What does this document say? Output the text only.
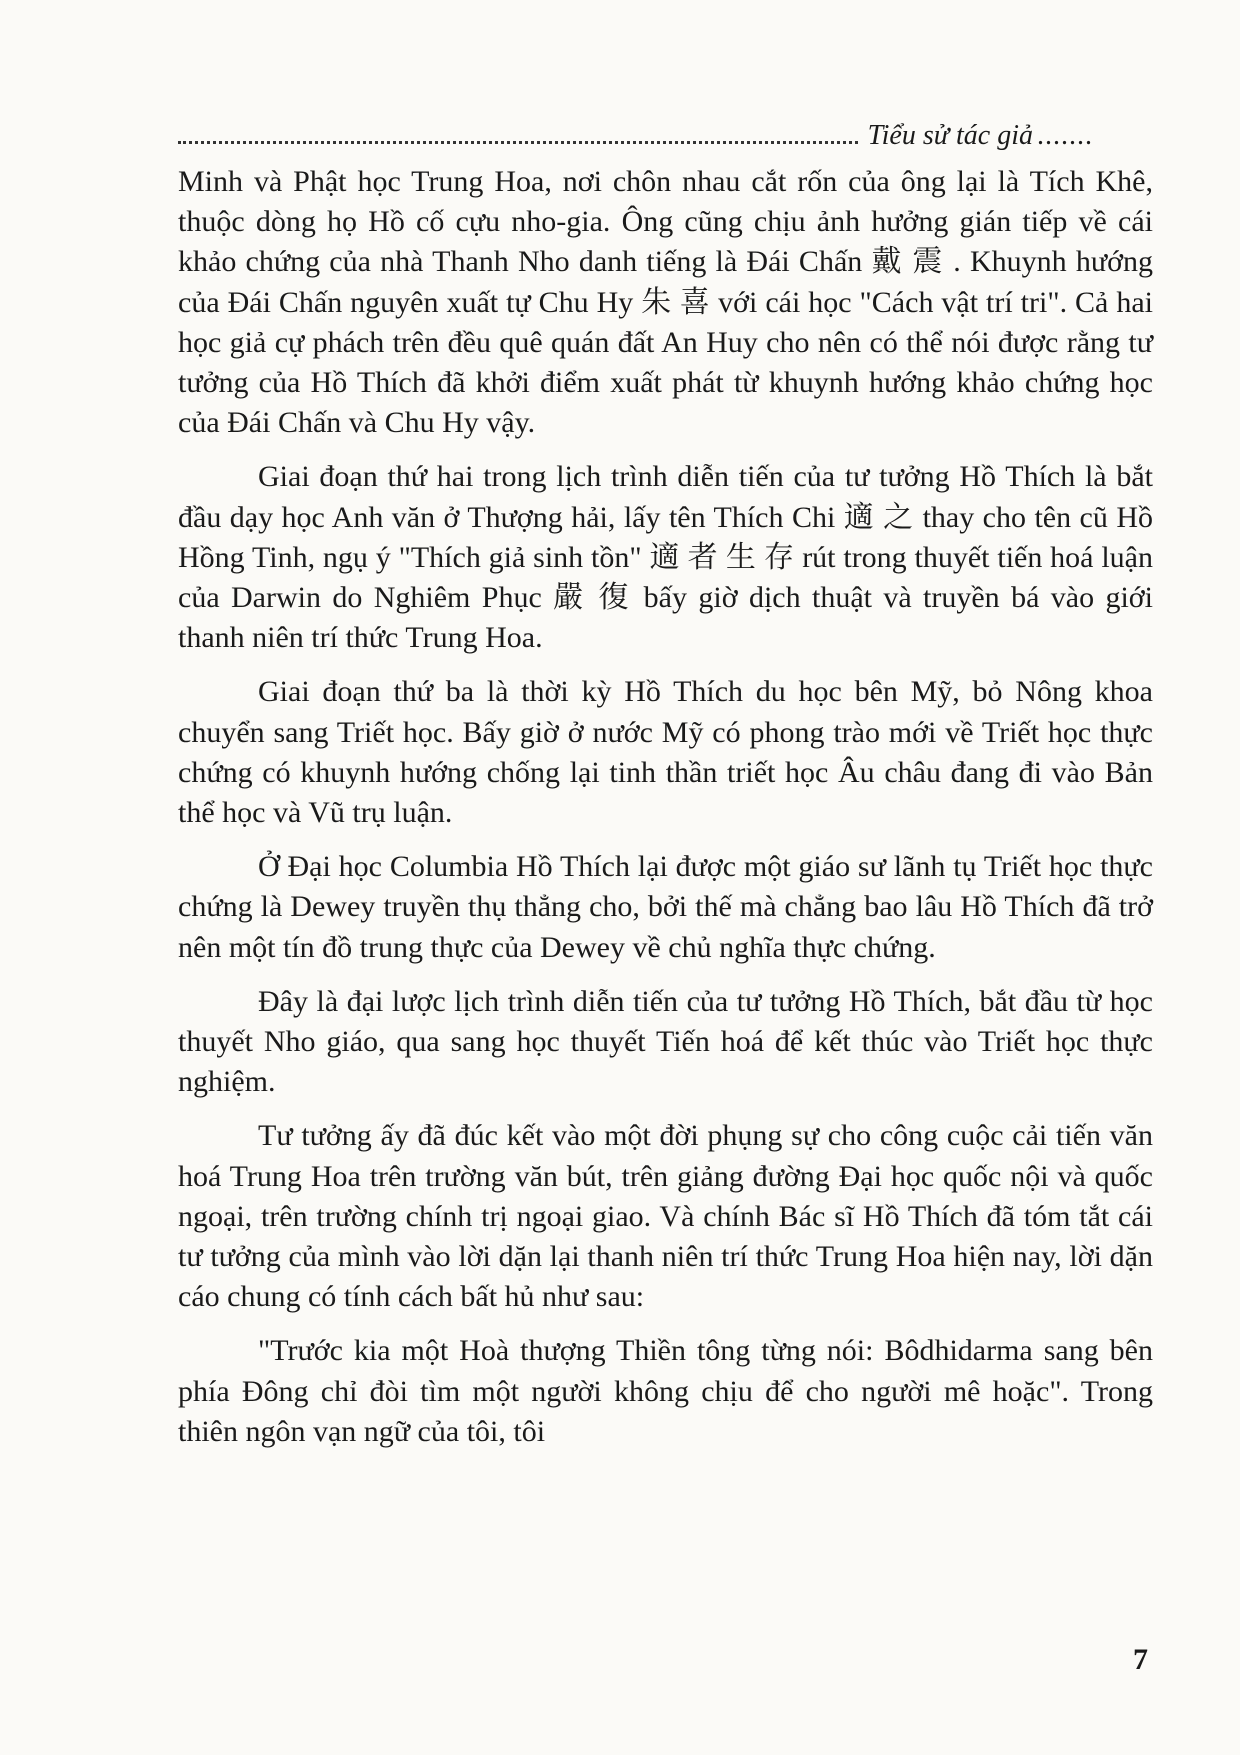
Tiểu sử tác giả .......

Minh và Phật học Trung Hoa, nơi chôn nhau cắt rốn của ông lại là Tích Khê, thuộc dòng họ Hồ cố cựu nho-gia. Ông cũng chịu ảnh hưởng gián tiếp về cái khảo chứng của nhà Thanh Nho danh tiếng là Đái Chấn 戴 震 . Khuynh hướng của Đái Chấn nguyên xuất tự Chu Hy 朱 喜 với cái học "Cách vật trí tri". Cả hai học giả cự phách trên đều quê quán đất An Huy cho nên có thể nói được rằng tư tưởng của Hồ Thích đã khởi điểm xuất phát từ khuynh hướng khảo chứng học của Đái Chấn và Chu Hy vậy.

Giai đoạn thứ hai trong lịch trình diễn tiến của tư tưởng Hồ Thích là bắt đầu dạy học Anh văn ở Thượng hải, lấy tên Thích Chi 適 之 thay cho tên cũ Hồ Hồng Tinh, ngụ ý "Thích giả sinh tồn" 適 者 生 存 rút trong thuyết tiến hoá luận của Darwin do Nghiêm Phục 嚴 復 bấy giờ dịch thuật và truyền bá vào giới thanh niên trí thức Trung Hoa.

Giai đoạn thứ ba là thời kỳ Hồ Thích du học bên Mỹ, bỏ Nông khoa chuyển sang Triết học. Bấy giờ ở nước Mỹ có phong trào mới về Triết học thực chứng có khuynh hướng chống lại tinh thần triết học Âu châu đang đi vào Bản thể học và Vũ trụ luận.

Ở Đại học Columbia Hồ Thích lại được một giáo sư lãnh tụ Triết học thực chứng là Dewey truyền thụ thẳng cho, bởi thế mà chẳng bao lâu Hồ Thích đã trở nên một tín đồ trung thực của Dewey về chủ nghĩa thực chứng.

Đây là đại lược lịch trình diễn tiến của tư tưởng Hồ Thích, bắt đầu từ học thuyết Nho giáo, qua sang học thuyết Tiến hoá để kết thúc vào Triết học thực nghiệm.

Tư tưởng ấy đã đúc kết vào một đời phụng sự cho công cuộc cải tiến văn hoá Trung Hoa trên trường văn bút, trên giảng đường Đại học quốc nội và quốc ngoại, trên trường chính trị ngoại giao. Và chính Bác sĩ Hồ Thích đã tóm tắt cái tư tưởng của mình vào lời dặn lại thanh niên trí thức Trung Hoa hiện nay, lời dặn cáo chung có tính cách bất hủ như sau:

"Trước kia một Hoà thượng Thiền tông từng nói: Bôdhidarma sang bên phía Đông chỉ đòi tìm một người không chịu để cho người mê hoặc". Trong thiên ngôn vạn ngữ của tôi, tôi

7
